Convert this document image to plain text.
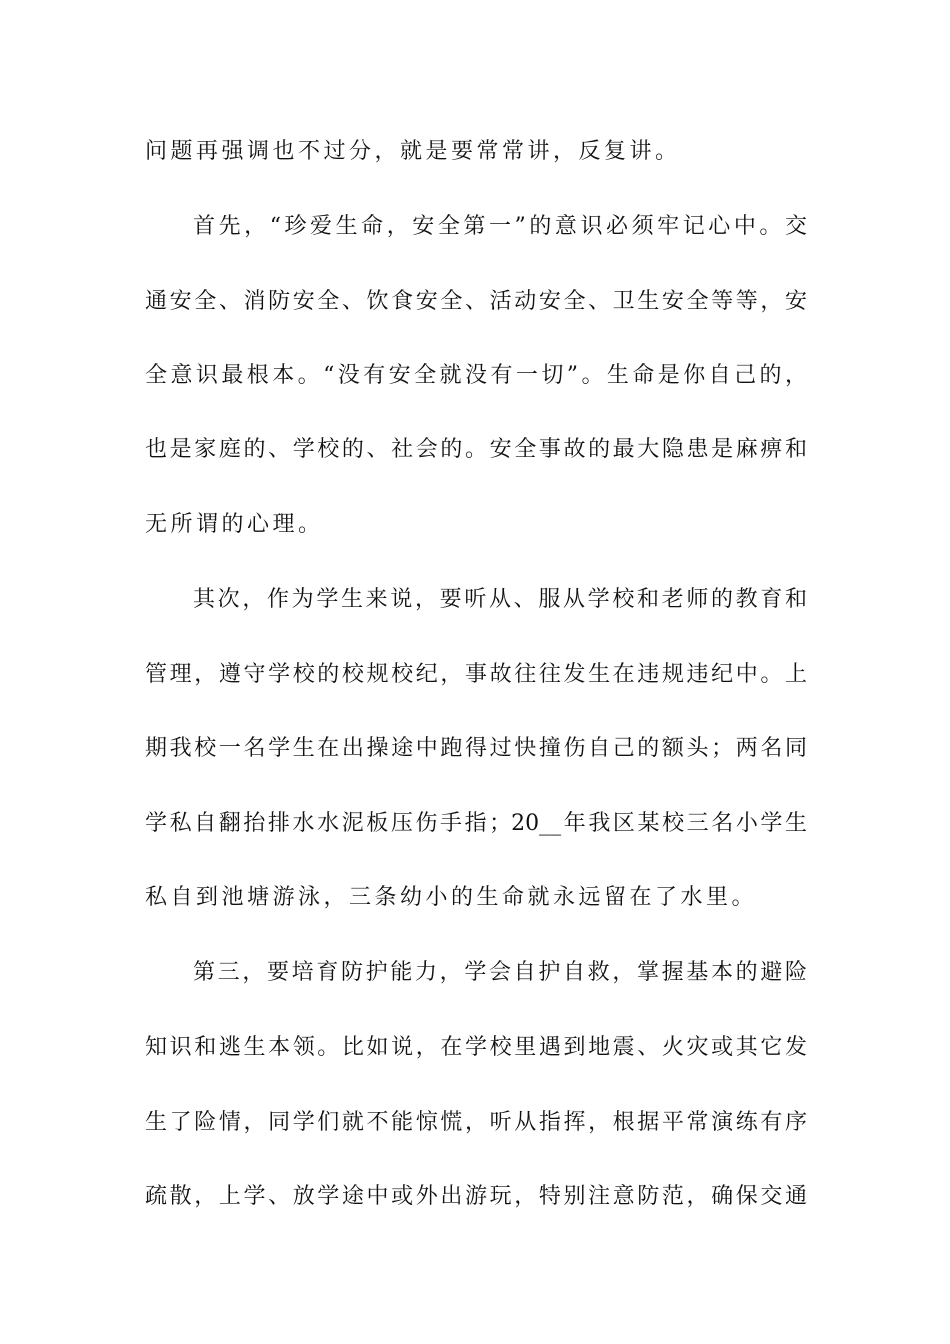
问题再强调也不过分，就是要常常讲，反复讲。
首先，“珍爱生命，安全第一”的意识必须牢记心中。交
通安全、消防安全、饮食安全、活动安全、卫生安全等等，安
全意识最根本。“没有安全就没有一切”。生命是你自己的，
也是家庭的、学校的、社会的。安全事故的最大隐患是麻痹和
无所谓的心理。
其次，作为学生来说，要听从、服从学校和老师的教育和
管理，遵守学校的校规校纪，事故往往发生在违规违纪中。上
期我校一名学生在出操途中跑得过快撞伤自己的额头；两名同
学私自翻抬排水水泥板压伤手指；20__年我区某校三名小学生
私自到池塘游泳，三条幼小的生命就永远留在了水里。
第三，要培育防护能力，学会自护自救，掌握基本的避险
知识和逃生本领。比如说，在学校里遇到地震、火灾或其它发
生了险情，同学们就不能惊慌，听从指挥，根据平常演练有序
疏散，上学、放学途中或外出游玩，特别注意防范，确保交通
